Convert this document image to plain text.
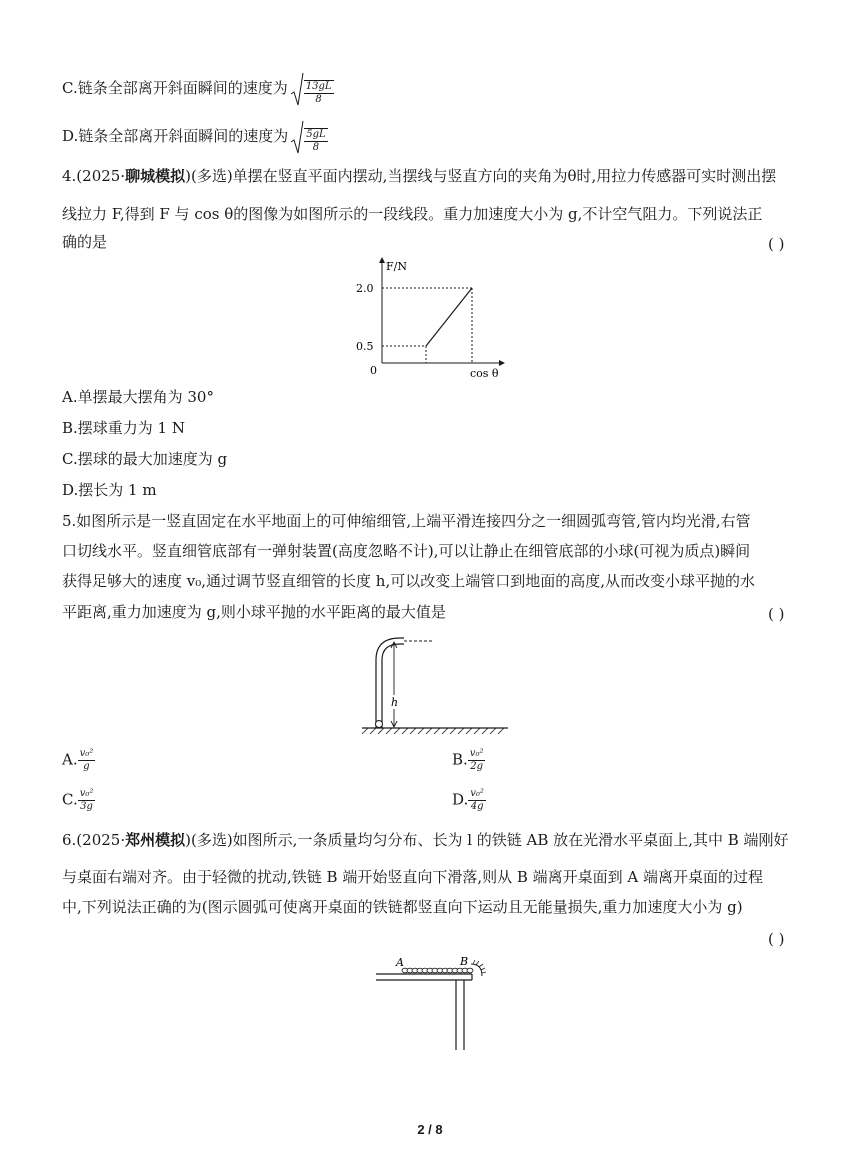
C.链条全部离开斜面瞬间的速度为 $\frac{13gL}{8}$
D.链条全部离开斜面瞬间的速度为 $\frac{5gL}{8}$
4.(2025·聊城模拟)(多选)单摆在竖直平面内摆动,当摆线与竖直方向的夹角为θ时,用拉力传感器可实时测出摆
线拉力 F,得到 F 与 cos θ的图像为如图所示的一段线段。重力加速度大小为 g,不计空气阻力。下列说法正
确的是	( )
F/N
2.0
0.5
0	cos θ
A.单摆最大摆角为 30°
B.摆球重力为 1 N
C.摆球的最大加速度为 g
D.摆长为 1 m
5.如图所示是一竖直固定在水平地面上的可伸缩细管,上端平滑连接四分之一细圆弧弯管,管内均光滑,右管
口切线水平。竖直细管底部有一弹射装置(高度忽略不计),可以让静止在细管底部的小球(可视为质点)瞬间
获得足够大的速度 v₀,通过调节竖直细管的长度 h,可以改变上端管口到地面的高度,从而改变小球平抛的水
平距离,重力加速度为 g,则小球平抛的水平距离的最大值是	( )
h
A. $\frac{\text{v₀²}}{g}$	B. $\frac{\text{v₀²}}{2g}$
C. $\frac{\text{v₀²}}{3g}$	D. $\frac{\text{v₀²}}{4g}$
6.(2025·郑州模拟)(多选)如图所示,一条质量均匀分布、长为 l 的铁链 AB 放在光滑水平桌面上,其中 B 端刚好
与桌面右端对齐。由于轻微的扰动,铁链 B 端开始竖直向下滑落,则从 B 端离开桌面到 A 端离开桌面的过程
中,下列说法正确的为(图示圆弧可使离开桌面的铁链都竖直向下运动且无能量损失,重力加速度大小为 g)
( )
A	B
2 / 8
